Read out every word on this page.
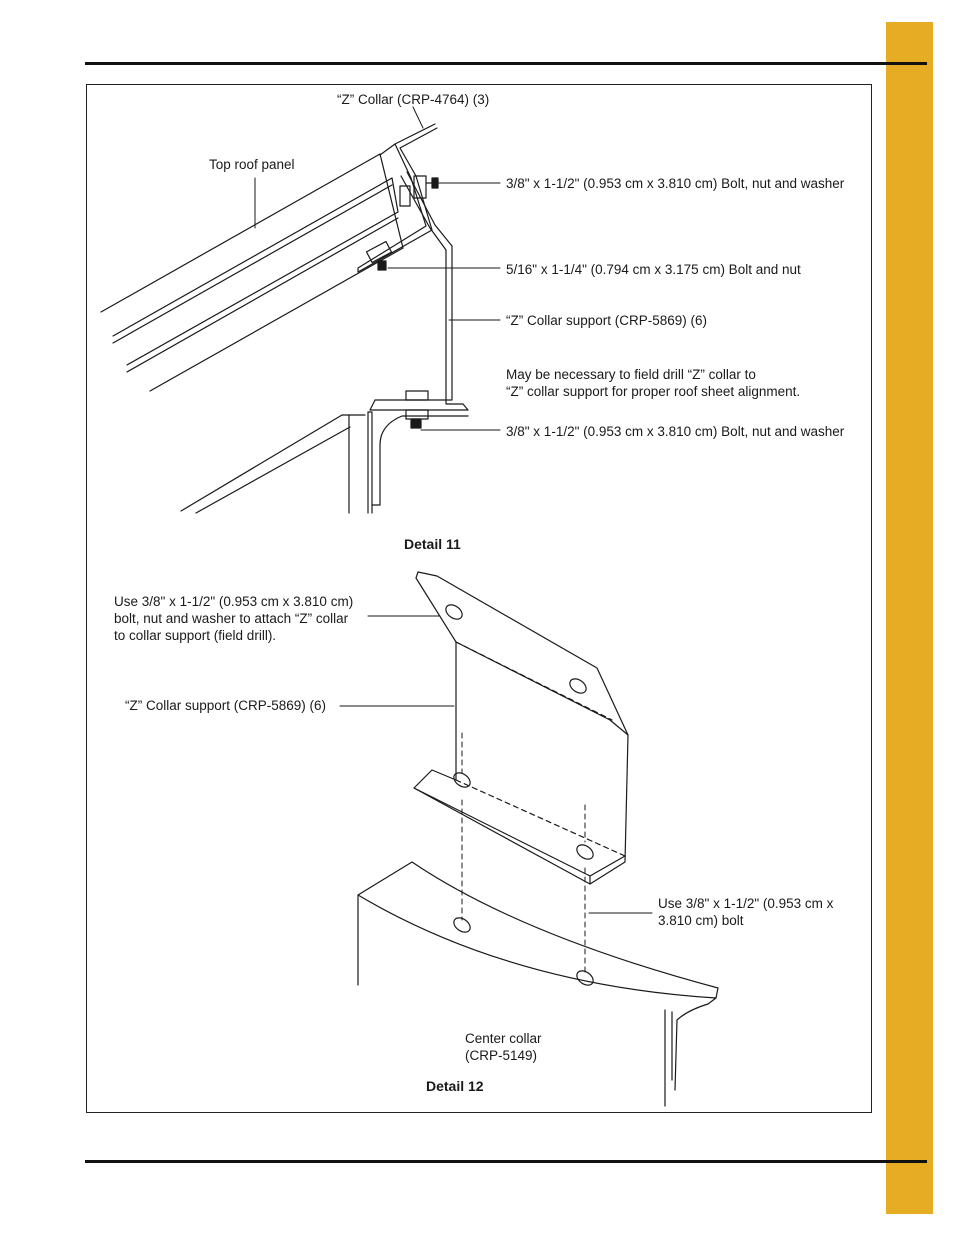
“Z” Collar (CRP-4764) (3)
Top roof panel
3/8" x 1-1/2" (0.953 cm x 3.810 cm) Bolt, nut and washer
5/16" x 1-1/4" (0.794 cm x 3.175 cm) Bolt and nut
“Z” Collar support (CRP-5869) (6)
May be necessary to field drill “Z” collar to
“Z” collar support for proper roof sheet alignment.
3/8" x 1-1/2" (0.953 cm x 3.810 cm) Bolt, nut and washer
Detail 11
Use 3/8" x 1-1/2" (0.953 cm x 3.810 cm)
bolt, nut and washer to attach “Z” collar
to collar support (field drill).
“Z” Collar support (CRP-5869) (6)
Use 3/8" x 1-1/2" (0.953 cm x
3.810 cm) bolt
Center collar
(CRP-5149)
Detail 12
